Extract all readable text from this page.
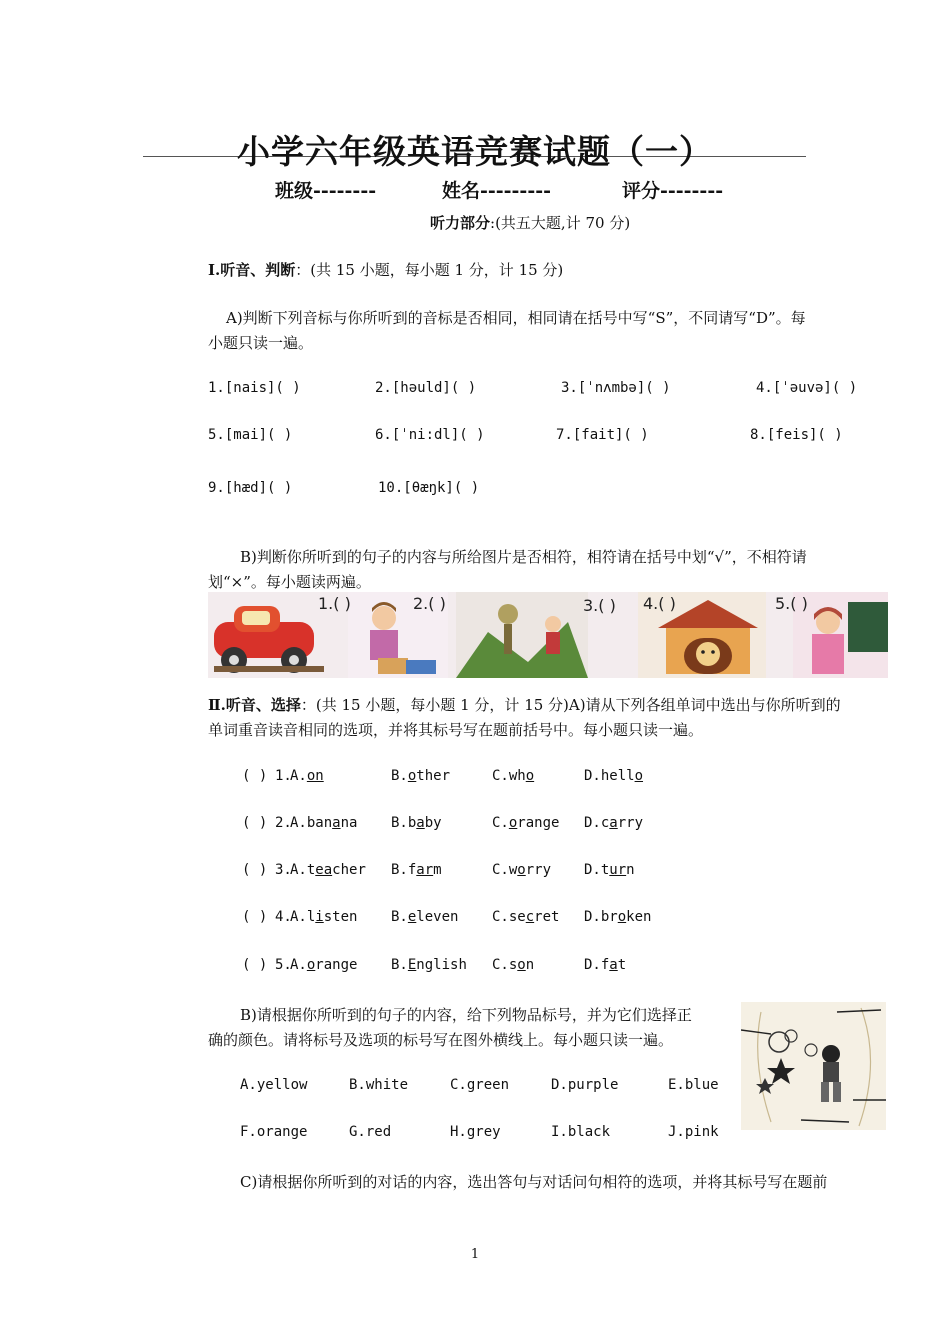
小学六年级英语竞赛试题（一）
班级--------	姓名---------	评分--------
听力部分:(共五大题,计 70 分)
Ⅰ.听音、判断：(共 15 小题，每小题 1 分，计 15 分)
A)判断下列音标与你所听到的音标是否相同，相同请在括号中写“S”，不同请写“D”。每
小题只读一遍。
1.[nais]( )	2.[həuld]( )	3.[ˈnʌmbə]( )	4.[ˈəuvə]( )
5.[mai]( )	6.[ˈni:dl]( )	7.[fait]( )	8.[feis]( )
9.[hæd]( )	10.[θæŋk]( )
B)判断你所听到的句子的内容与所给图片是否相符，相符请在括号中划“√”，不相符请
划“×”。每小题读两遍。
1.( )	2.( )	3.( ) 4.( )	5.( )
Ⅱ.听音、选择：(共 15 小题，每小题 1 分，计 15 分)A)请从下列各组单词中选出与你所听到的
单词重音读音相同的选项，并将其标号写在题前括号中。每小题只读一遍。
( ) 1.
A.on	B.other	C.who	D.hello
( ) 2.
A.banana B.baby	C.orange D.carry
( ) 3.
A.teacher B.farm	C.worry D.turn
( ) 4.
A.listen B.eleven C.secret D.broken
( ) 5.
A.orange B.English C.son	D.fat
B)请根据你所听到的句子的内容，给下列物品标号，并为它们选择正
确的颜色。请将标号及选项的标号写在图外横线上。每小题只读一遍。
A.yellow	B.white	C.green	D.purple	E.blue
F.orange	G.red	H.grey	I.black	J.pink
C)请根据你所听到的对话的内容，选出答句与对话问句相符的选项，并将其标号写在题前
1
